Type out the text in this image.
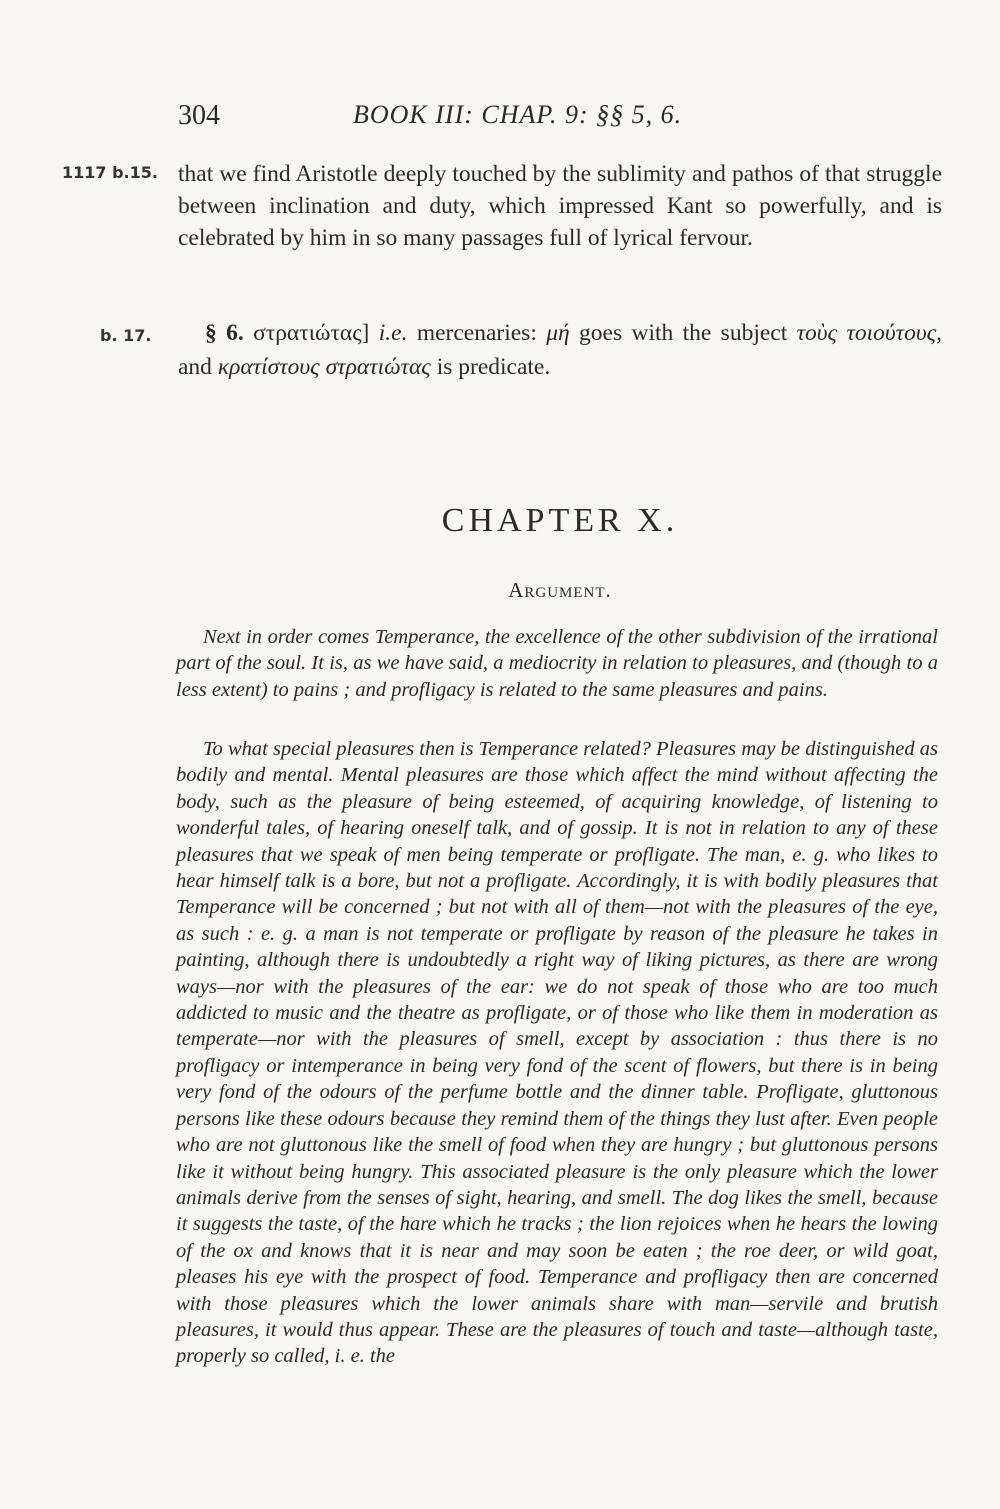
304	BOOK III: CHAP. 9: §§ 5, 6.
1117 b.15. that we find Aristotle deeply touched by the sublimity and pathos of that struggle between inclination and duty, which impressed Kant so powerfully, and is celebrated by him in so many passages full of lyrical fervour.

b. 17.	§ 6. στρατιώτας] i.e. mercenaries: μή goes with the subject τοὺς τοιούτους, and κρατίστους στρατιώτας is predicate.

CHAPTER X.
Argument.

Next in order comes Temperance, the excellence of the other subdivision of the irrational part of the soul. It is, as we have said, a mediocrity in relation to pleasures, and (though to a less extent) to pains ; and profligacy is related to the same pleasures and pains.

To what special pleasures then is Temperance related? Pleasures may be distinguished as bodily and mental. Mental pleasures are those which affect the mind without affecting the body, such as the pleasure of being esteemed, of acquiring knowledge, of listening to wonderful tales, of hearing oneself talk, and of gossip. It is not in relation to any of these pleasures that we speak of men being temperate or profligate. The man, e. g. who likes to hear himself talk is a bore, but not a profligate. Accordingly, it is with bodily pleasures that Temperance will be concerned ; but not with all of them—not with the pleasures of the eye, as such : e. g. a man is not temperate or profligate by reason of the pleasure he takes in painting, although there is undoubtedly a right way of liking pictures, as there are wrong ways—nor with the pleasures of the ear: we do not speak of those who are too much addicted to music and the theatre as profligate, or of those who like them in moderation as temperate—nor with the pleasures of smell, except by association : thus there is no profligacy or intemperance in being very fond of the scent of flowers, but there is in being very fond of the odours of the perfume bottle and the dinner table. Profligate, gluttonous persons like these odours because they remind them of the things they lust after. Even people who are not gluttonous like the smell of food when they are hungry ; but gluttonous persons like it without being hungry. This associated pleasure is the only pleasure which the lower animals derive from the senses of sight, hearing, and smell. The dog likes the smell, because it suggests the taste, of the hare which he tracks ; the lion rejoices when he hears the lowing of the ox and knows that it is near and may soon be eaten ; the roe deer, or wild goat, pleases his eye with the prospect of food. Temperance and profligacy then are concerned with those pleasures which the lower animals share with man—servile and brutish pleasures, it would thus appear. These are the pleasures of touch and taste—although taste, properly so called, i. e. the
